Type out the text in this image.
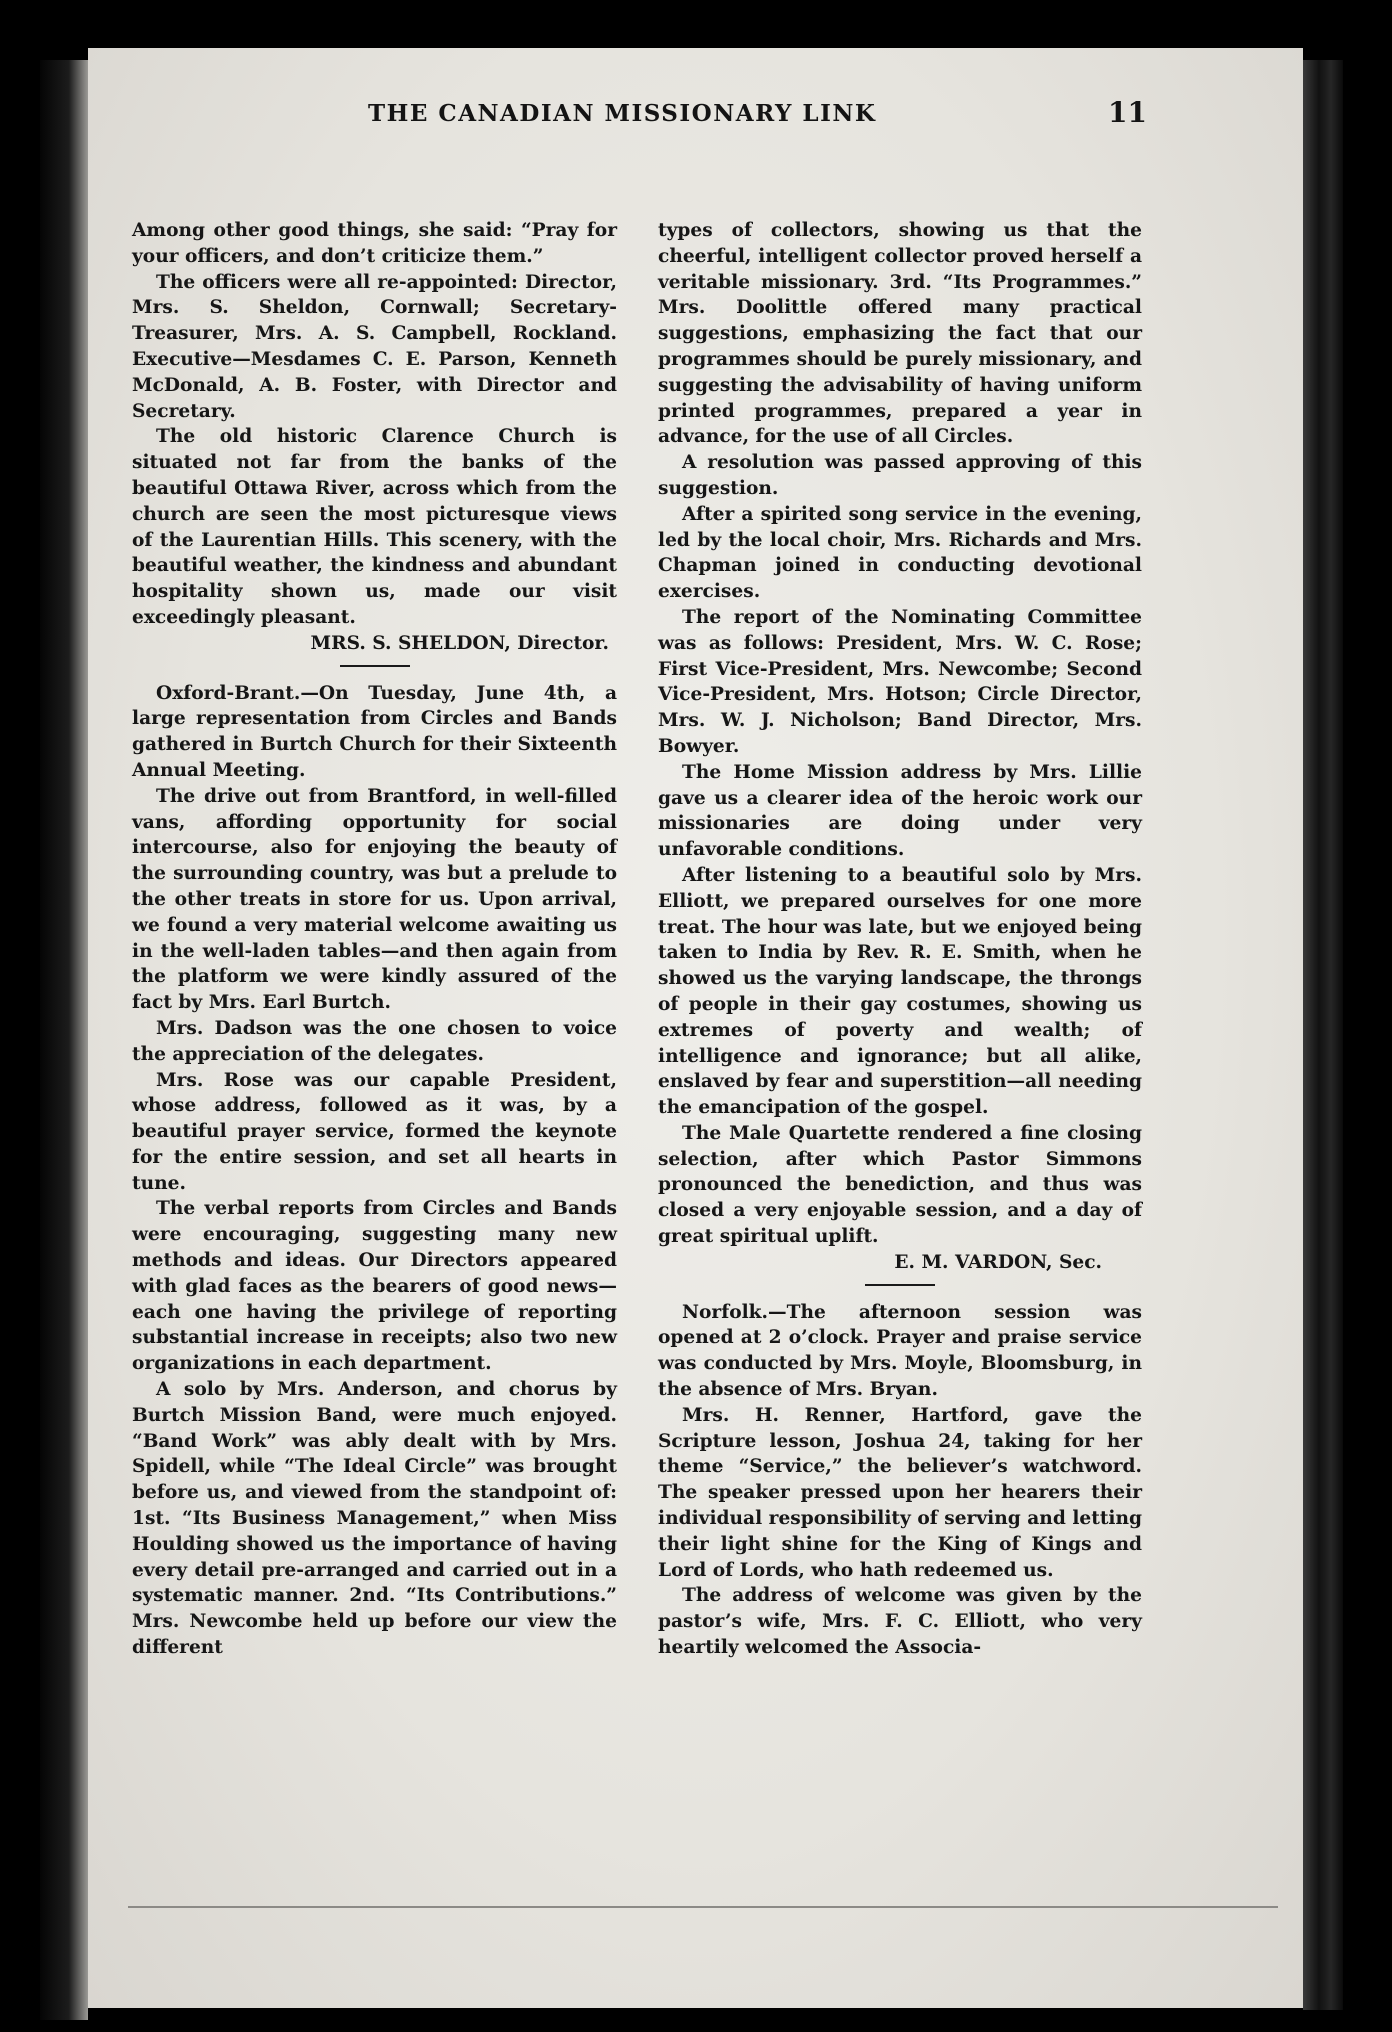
THE CANADIAN MISSIONARY LINK	11

Among other good things, she said: “Pray for your officers, and don’t criticize them.”

The officers were all re-appointed: Director, Mrs. S. Sheldon, Cornwall; Secretary-Treasurer, Mrs. A. S. Campbell, Rockland. Executive—Mesdames C. E. Parson, Kenneth McDonald, A. B. Foster, with Director and Secretary.

The old historic Clarence Church is situated not far from the banks of the beautiful Ottawa River, across which from the church are seen the most picturesque views of the Laurentian Hills. This scenery, with the beautiful weather, the kindness and abundant hospitality shown us, made our visit exceedingly pleasant.

MRS. S. SHELDON, Director.

Oxford-Brant.—On Tuesday, June 4th, a large representation from Circles and Bands gathered in Burtch Church for their Sixteenth Annual Meeting.

The drive out from Brantford, in well-filled vans, affording opportunity for social intercourse, also for enjoying the beauty of the surrounding country, was but a prelude to the other treats in store for us. Upon arrival, we found a very material welcome awaiting us in the well-laden tables—and then again from the platform we were kindly assured of the fact by Mrs. Earl Burtch.

Mrs. Dadson was the one chosen to voice the appreciation of the delegates.

Mrs. Rose was our capable President, whose address, followed as it was, by a beautiful prayer service, formed the keynote for the entire session, and set all hearts in tune.

The verbal reports from Circles and Bands were encouraging, suggesting many new methods and ideas. Our Directors appeared with glad faces as the bearers of good news—each one having the privilege of reporting substantial increase in receipts; also two new organizations in each department.

A solo by Mrs. Anderson, and chorus by Burtch Mission Band, were much enjoyed. “Band Work” was ably dealt with by Mrs. Spidell, while “The Ideal Circle” was brought before us, and viewed from the standpoint of: 1st. “Its Business Management,” when Miss Houlding showed us the importance of having every detail pre-arranged and carried out in a systematic manner. 2nd. “Its Contributions.” Mrs. Newcombe held up before our view the different

types of collectors, showing us that the cheerful, intelligent collector proved herself a veritable missionary. 3rd. “Its Programmes.” Mrs. Doolittle offered many practical suggestions, emphasizing the fact that our programmes should be purely missionary, and suggesting the advisability of having uniform printed programmes, prepared a year in advance, for the use of all Circles.

A resolution was passed approving of this suggestion.

After a spirited song service in the evening, led by the local choir, Mrs. Richards and Mrs. Chapman joined in conducting devotional exercises.

The report of the Nominating Committee was as follows: President, Mrs. W. C. Rose; First Vice-President, Mrs. Newcombe; Second Vice-President, Mrs. Hotson; Circle Director, Mrs. W. J. Nicholson; Band Director, Mrs. Bowyer.

The Home Mission address by Mrs. Lillie gave us a clearer idea of the heroic work our missionaries are doing under very unfavorable conditions.

After listening to a beautiful solo by Mrs. Elliott, we prepared ourselves for one more treat. The hour was late, but we enjoyed being taken to India by Rev. R. E. Smith, when he showed us the varying landscape, the throngs of people in their gay costumes, showing us extremes of poverty and wealth; of intelligence and ignorance; but all alike, enslaved by fear and superstition—all needing the emancipation of the gospel.

The Male Quartette rendered a fine closing selection, after which Pastor Simmons pronounced the benediction, and thus was closed a very enjoyable session, and a day of great spiritual uplift.

E. M. VARDON, Sec.

Norfolk.—The afternoon session was opened at 2 o’clock. Prayer and praise service was conducted by Mrs. Moyle, Bloomsburg, in the absence of Mrs. Bryan.

Mrs. H. Renner, Hartford, gave the Scripture lesson, Joshua 24, taking for her theme “Service,” the believer’s watchword. The speaker pressed upon her hearers their individual responsibility of serving and letting their light shine for the King of Kings and Lord of Lords, who hath redeemed us.

The address of welcome was given by the pastor’s wife, Mrs. F. C. Elliott, who very heartily welcomed the Associa-
